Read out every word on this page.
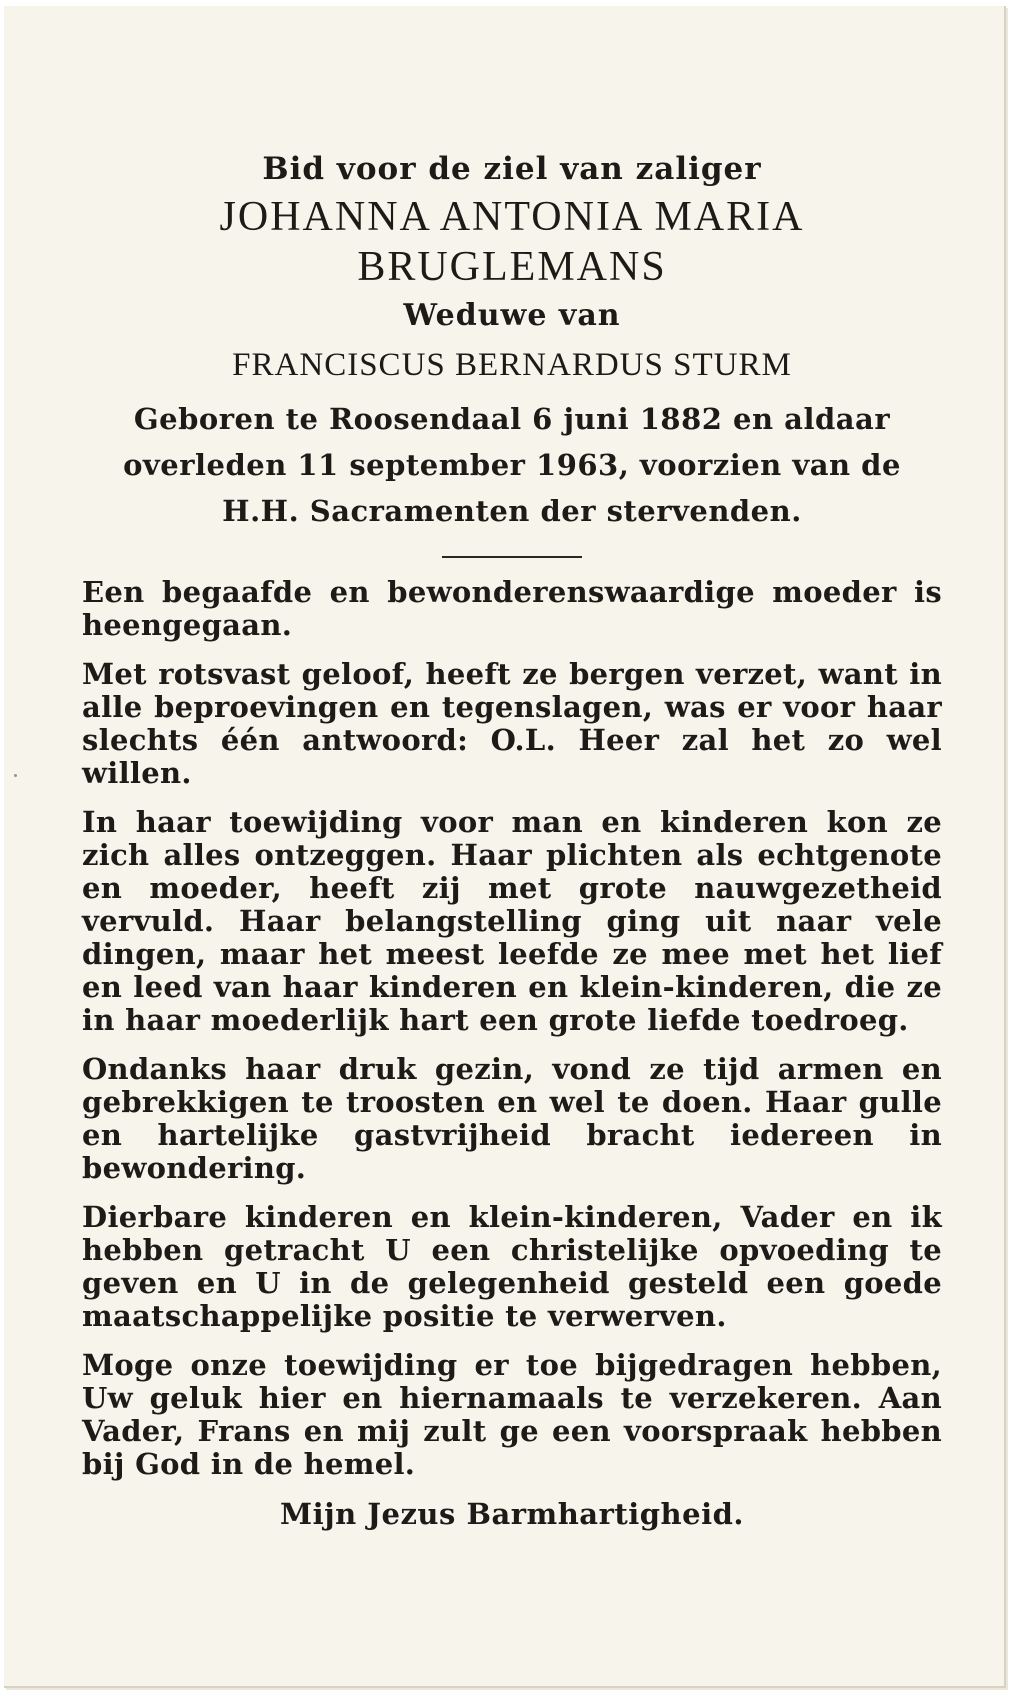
Bid voor de ziel van zaliger

JOHANNA ANTONIA MARIA

BRUGLEMANS

Weduwe van

FRANCISCUS BERNARDUS STURM

Geboren te Roosendaal 6 juni 1882 en aldaar overleden 11 september 1963, voorzien van de H.H. Sacramenten der stervenden.

Een begaafde en bewonderenswaardige moeder is heengegaan.

Met rotsvast geloof, heeft ze bergen verzet, want in alle beproevingen en tegenslagen, was er voor haar slechts één antwoord: O.L. Heer zal het zo wel willen.

In haar toewijding voor man en kinderen kon ze zich alles ontzeggen. Haar plichten als echtgenote en moeder, heeft zij met grote nauwgezetheid vervuld. Haar belangstelling ging uit naar vele dingen, maar het meest leefde ze mee met het lief en leed van haar kinderen en klein-kinderen, die ze in haar moederlijk hart een grote liefde toedroeg.

Ondanks haar druk gezin, vond ze tijd armen en gebrekkigen te troosten en wel te doen. Haar gulle en hartelijke gastvrijheid bracht iedereen in bewondering.

Dierbare kinderen en klein-kinderen, Vader en ik hebben getracht U een christelijke opvoeding te geven en U in de gelegenheid gesteld een goede maatschappelijke positie te verwerven.

Moge onze toewijding er toe bijgedragen hebben, Uw geluk hier en hiernamaals te verzekeren. Aan Vader, Frans en mij zult ge een voorspraak hebben bij God in de hemel.

Mijn Jezus Barmhartigheid.
